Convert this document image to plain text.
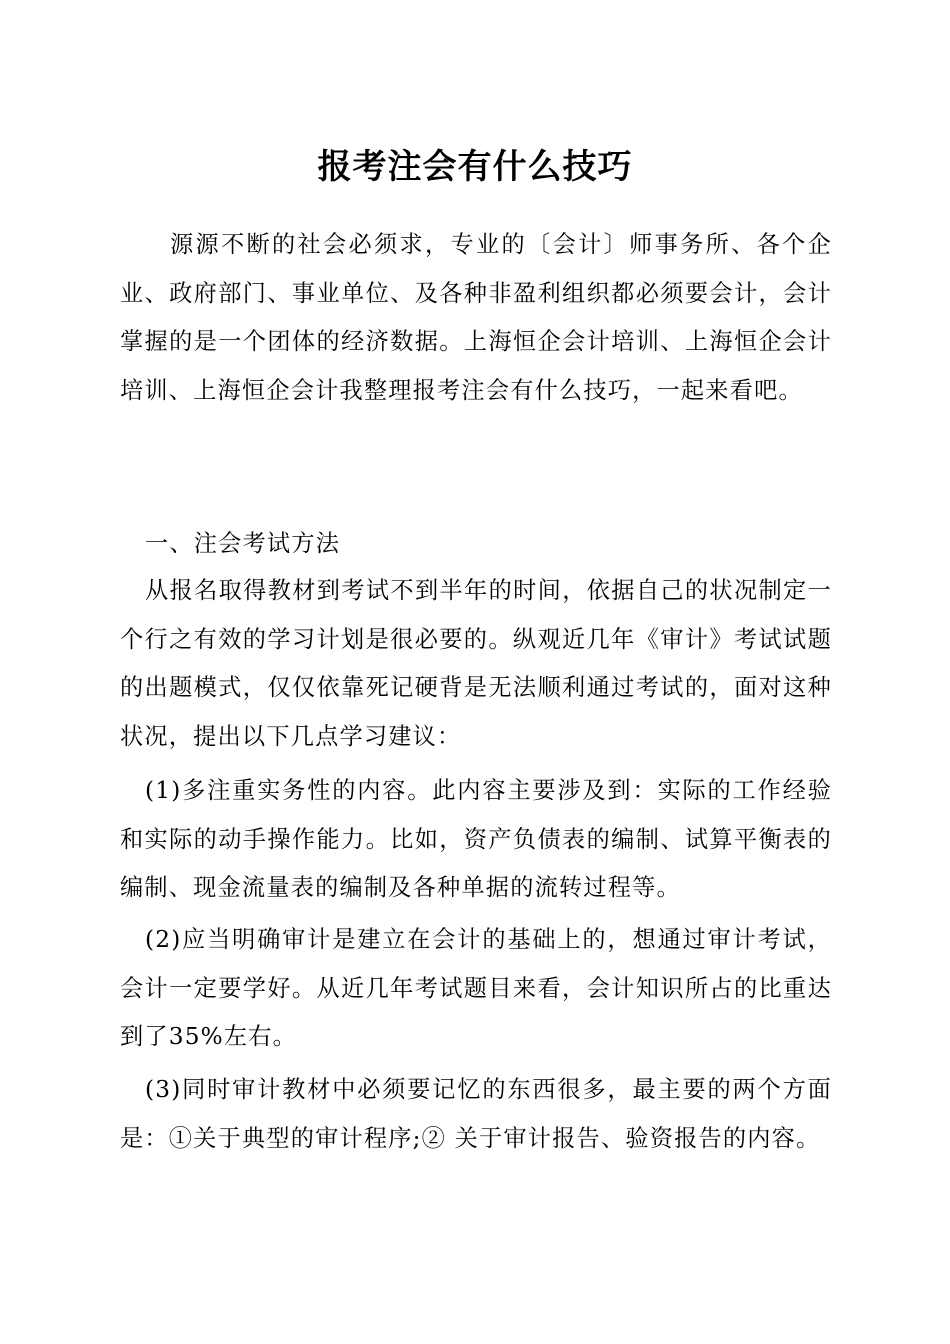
报考注会有什么技巧

源源不断的社会必须求，专业的〔会计〕师事务所、各个企业、政府部门、事业单位、及各种非盈利组织都必须要会计，会计掌握的是一个团体的经济数据。上海恒企会计培训、上海恒企会计培训、上海恒企会计我整理报考注会有什么技巧，一起来看吧。

一、注会考试方法

从报名取得教材到考试不到半年的时间，依据自己的状况制定一个行之有效的学习计划是很必要的。纵观近几年《审计》考试试题的出题模式，仅仅依靠死记硬背是无法顺利通过考试的，面对这种状况，提出以下几点学习建议：

(1)多注重实务性的内容。此内容主要涉及到：实际的工作经验和实际的动手操作能力。比如，资产负债表的编制、试算平衡表的编制、现金流量表的编制及各种单据的流转过程等。

(2)应当明确审计是建立在会计的基础上的，想通过审计考试，会计一定要学好。从近几年考试题目来看，会计知识所占的比重达到了35%左右。

(3)同时审计教材中必须要记忆的东西很多，最主要的两个方面是：①关于典型的审计程序;② 关于审计报告、验资报告的内容。
